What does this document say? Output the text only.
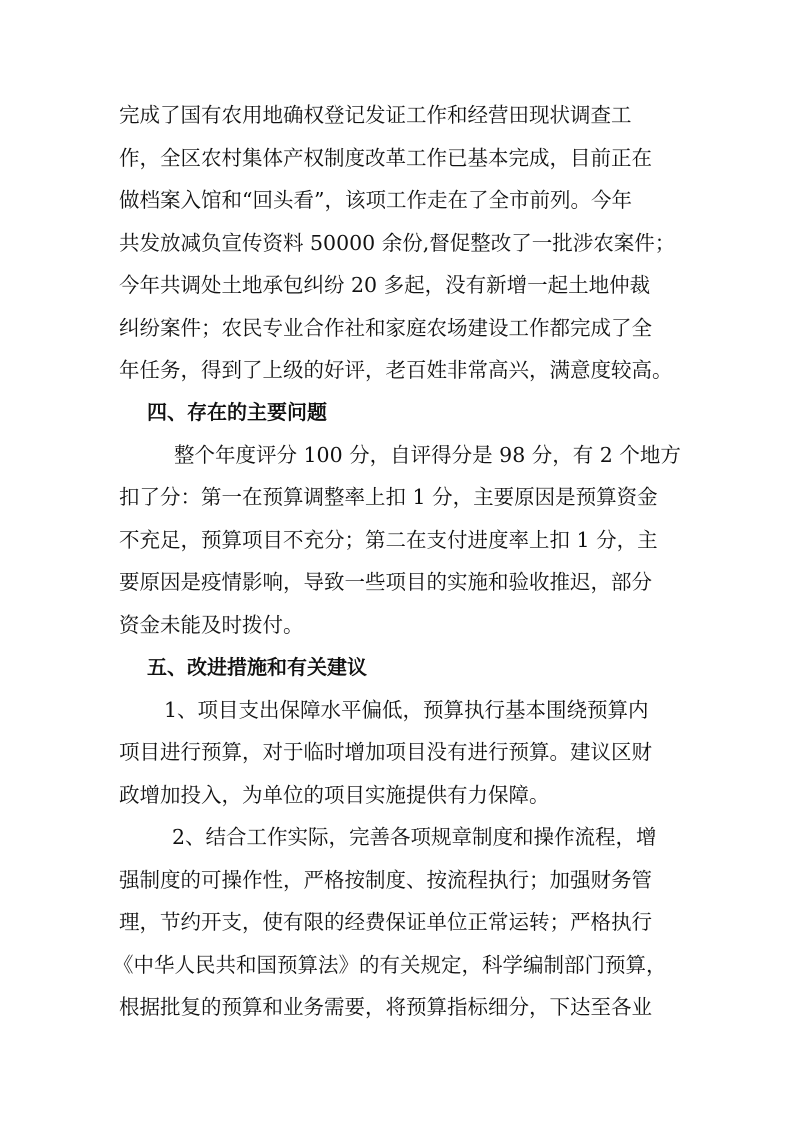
完成了国有农用地确权登记发证工作和经营田现状调查工
作，全区农村集体产权制度改革工作已基本完成，目前正在
做档案入馆和“回头看”，该项工作走在了全市前列。今年
共发放减负宣传资料 50000 余份,督促整改了一批涉农案件；
今年共调处土地承包纠纷 20 多起，没有新增一起土地仲裁
纠纷案件；农民专业合作社和家庭农场建设工作都完成了全
年任务，得到了上级的好评，老百姓非常高兴，满意度较高。
四、存在的主要问题
整个年度评分 100 分，自评得分是 98 分，有 2 个地方
扣了分：第一在预算调整率上扣 1 分，主要原因是预算资金
不充足，预算项目不充分；第二在支付进度率上扣 1 分，主
要原因是疫情影响，导致一些项目的实施和验收推迟，部分
资金未能及时拨付。
五、改进措施和有关建议
1、项目支出保障水平偏低，预算执行基本围绕预算内
项目进行预算，对于临时增加项目没有进行预算。建议区财
政增加投入，为单位的项目实施提供有力保障。
2、结合工作实际，完善各项规章制度和操作流程，增
强制度的可操作性，严格按制度、按流程执行；加强财务管
理，节约开支，使有限的经费保证单位正常运转；严格执行
《中华人民共和国预算法》的有关规定，科学编制部门预算，
根据批复的预算和业务需要，将预算指标细分，下达至各业
